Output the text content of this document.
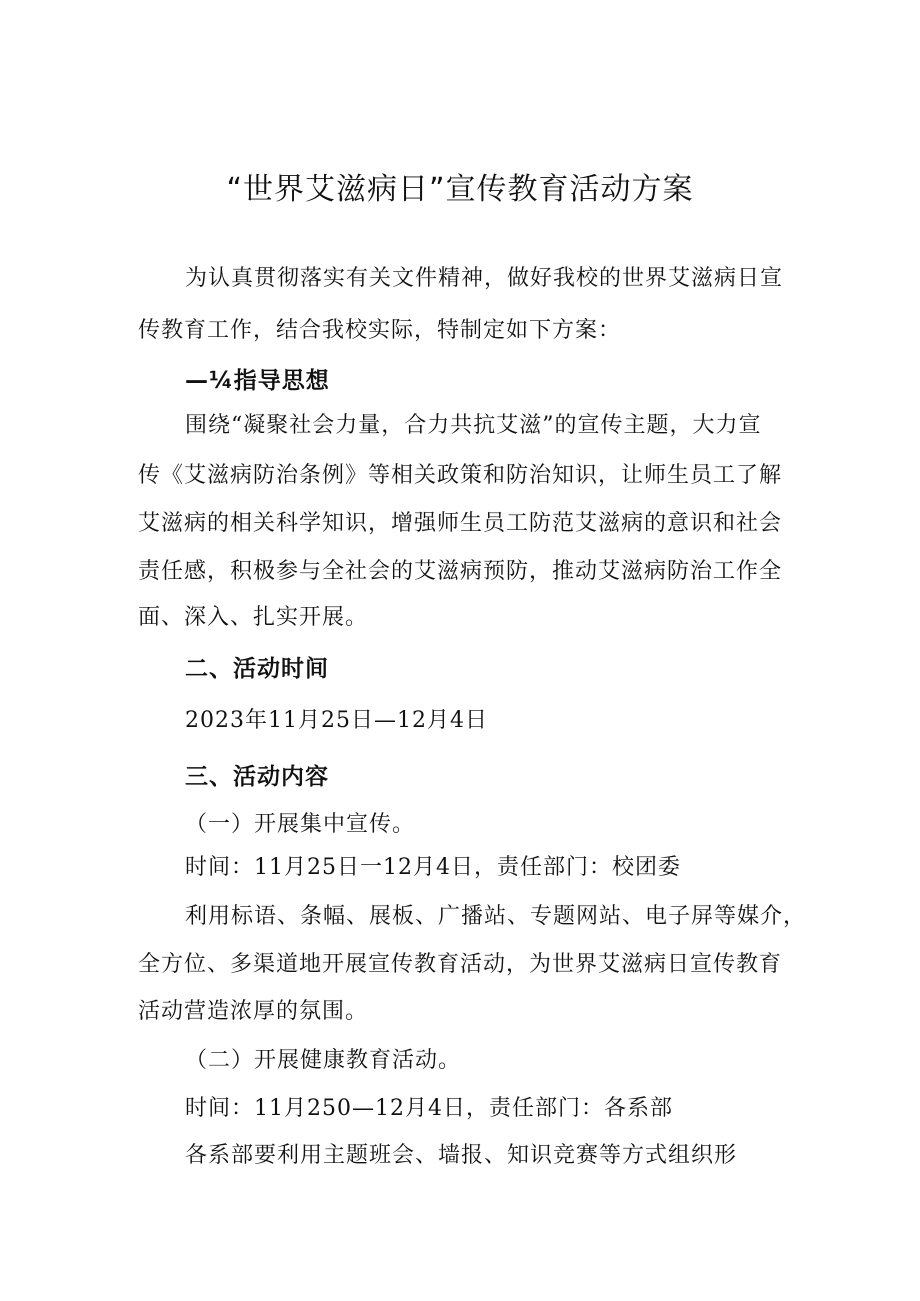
“世界艾滋病日”宣传教育活动方案
为认真贯彻落实有关文件精神，做好我校的世界艾滋病日宣
传教育工作，结合我校实际，特制定如下方案：
—¼指导思想
围绕“凝聚社会力量，合力共抗艾滋”的宣传主题，大力宣
传《艾滋病防治条例》等相关政策和防治知识，让师生员工了解
艾滋病的相关科学知识，增强师生员工防范艾滋病的意识和社会
责任感，积极参与全社会的艾滋病预防，推动艾滋病防治工作全
面、深入、扎实开展。
二、活动时间
2023年11月25日—12月4日
三、活动内容
（一）开展集中宣传。
时间：11月25日一12月4日，责任部门：校团委
利用标语、条幅、展板、广播站、专题网站、电子屏等媒介，
全方位、多渠道地开展宣传教育活动，为世界艾滋病日宣传教育
活动营造浓厚的氛围。
（二）开展健康教育活动。
时间：11月250—12月4日，责任部门：各系部
各系部要利用主题班会、墙报、知识竞赛等方式组织形
